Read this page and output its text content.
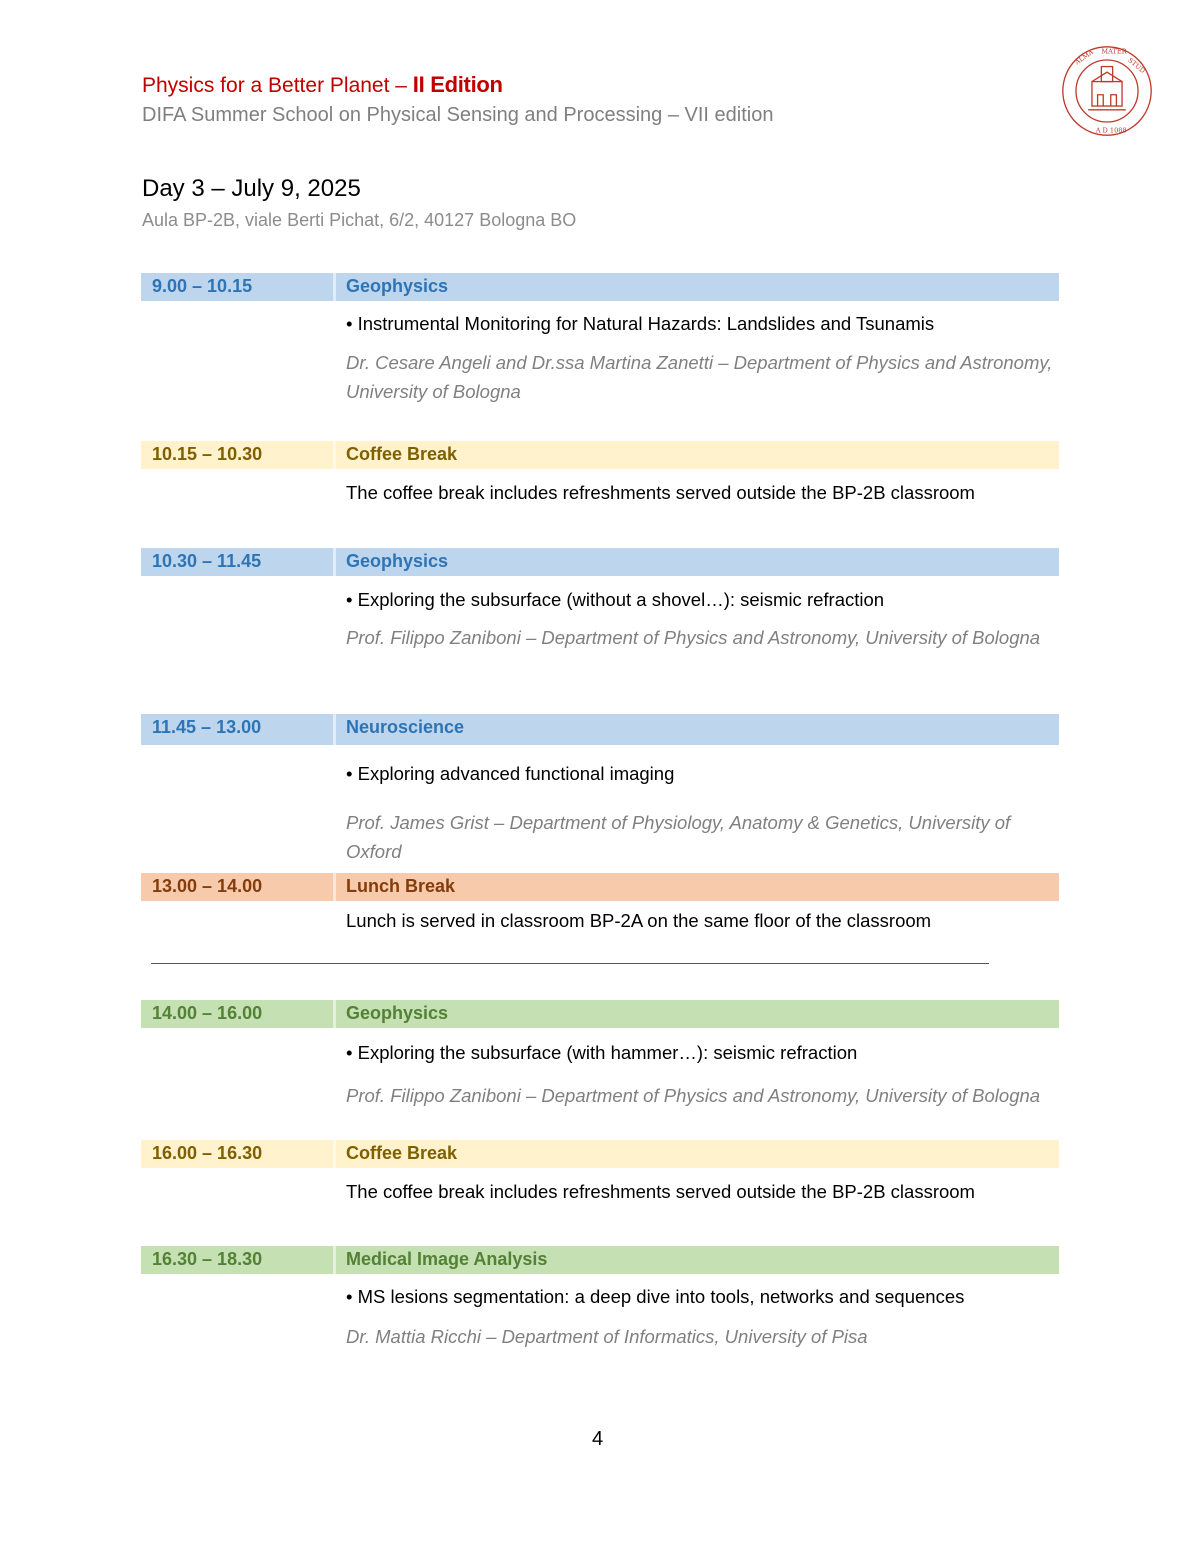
Physics for a Better Planet – II Edition
DIFA Summer School on Physical Sensing and Processing – VII edition
ALMA MATER
STUD
A D 1088
Day 3 – July 9, 2025
Aula BP-2B, viale Berti Pichat, 6/2, 40127 Bologna BO
9.00 – 10.15	Geophysics
• Instrumental Monitoring for Natural Hazards: Landslides and Tsunamis
Dr. Cesare Angeli and Dr.ssa Martina Zanetti – Department of Physics and Astronomy, University of Bologna
10.15 – 10.30	Coffee Break
The coffee break includes refreshments served outside the BP-2B classroom
10.30 – 11.45	Geophysics
• Exploring the subsurface (without a shovel…): seismic refraction
Prof. Filippo Zaniboni – Department of Physics and Astronomy, University of Bologna
11.45 – 13.00	Neuroscience
• Exploring advanced functional imaging
Prof. James Grist – Department of Physiology, Anatomy & Genetics, University of Oxford
13.00 – 14.00	Lunch Break
Lunch is served in classroom BP-2A on the same floor of the classroom
14.00 – 16.00	Geophysics
• Exploring the subsurface (with hammer…): seismic refraction
Prof. Filippo Zaniboni – Department of Physics and Astronomy, University of Bologna
16.00 – 16.30	Coffee Break
The coffee break includes refreshments served outside the BP-2B classroom
16.30 – 18.30	Medical Image Analysis
• MS lesions segmentation: a deep dive into tools, networks and sequences
Dr. Mattia Ricchi – Department of Informatics, University of Pisa
4
